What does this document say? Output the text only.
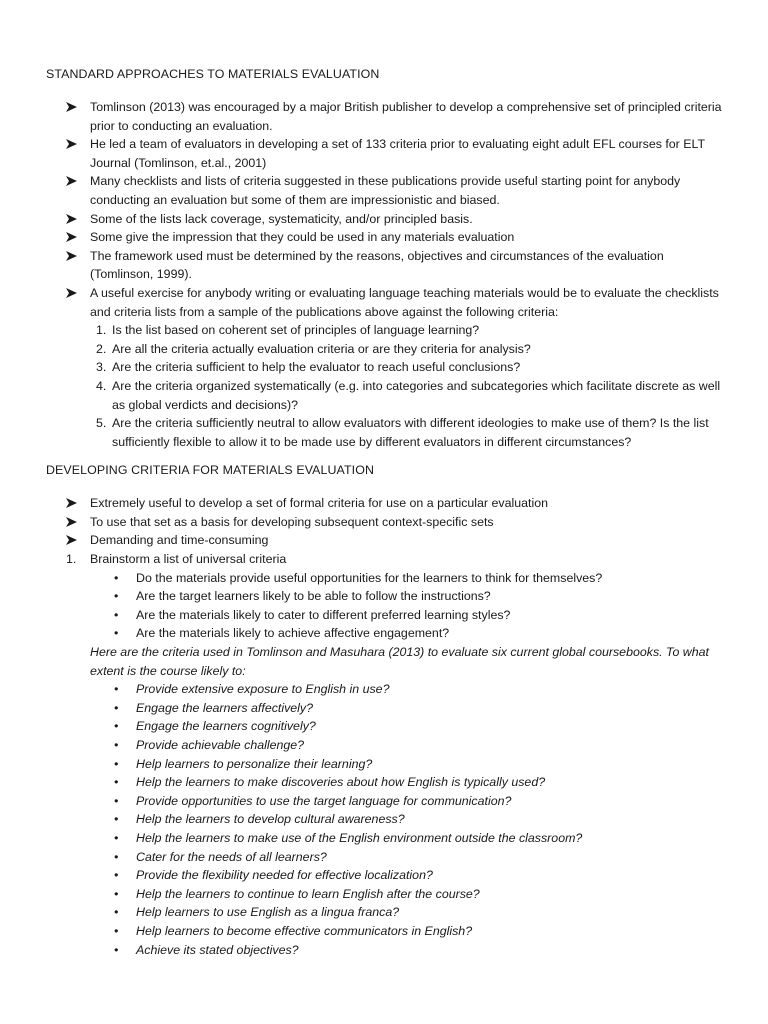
STANDARD APPROACHES TO MATERIALS EVALUATION

Tomlinson (2013) was encouraged by a major British publisher to develop a comprehensive set of principled criteria prior to conducting an evaluation.
He led a team of evaluators in developing a set of 133 criteria prior to evaluating eight adult EFL courses for ELT Journal (Tomlinson, et.al., 2001)
Many checklists and lists of criteria suggested in these publications provide useful starting point for anybody conducting an evaluation but some of them are impressionistic and biased.
Some of the lists lack coverage, systematicity, and/or principled basis.
Some give the impression that they could be used in any materials evaluation
The framework used must be determined by the reasons, objectives and circumstances of the evaluation (Tomlinson, 1999).
A useful exercise for anybody writing or evaluating language teaching materials would be to evaluate the checklists and criteria lists from a sample of the publications above against the following criteria:
1. Is the list based on coherent set of principles of language learning?
2. Are all the criteria actually evaluation criteria or are they criteria for analysis?
3. Are the criteria sufficient to help the evaluator to reach useful conclusions?
4. Are the criteria organized systematically (e.g. into categories and subcategories which facilitate discrete as well as global verdicts and decisions)?
5. Are the criteria sufficiently neutral to allow evaluators with different ideologies to make use of them? Is the list sufficiently flexible to allow it to be made use by different evaluators in different circumstances?

DEVELOPING CRITERIA FOR MATERIALS EVALUATION

Extremely useful to develop a set of formal criteria for use on a particular evaluation
To use that set as a basis for developing subsequent context-specific sets
Demanding and time-consuming
1. Brainstorm a list of universal criteria
• Do the materials provide useful opportunities for the learners to think for themselves?
• Are the target learners likely to be able to follow the instructions?
• Are the materials likely to cater to different preferred learning styles?
• Are the materials likely to achieve affective engagement?

Here are the criteria used in Tomlinson and Masuhara (2013) to evaluate six current global coursebooks. To what extent is the course likely to:

• Provide extensive exposure to English in use?
• Engage the learners affectively?
• Engage the learners cognitively?
• Provide achievable challenge?
• Help learners to personalize their learning?
• Help the learners to make discoveries about how English is typically used?
• Provide opportunities to use the target language for communication?
• Help the learners to develop cultural awareness?
• Help the learners to make use of the English environment outside the classroom?
• Cater for the needs of all learners?
• Provide the flexibility needed for effective localization?
• Help the learners to continue to learn English after the course?
• Help learners to use English as a lingua franca?
• Help learners to become effective communicators in English?
• Achieve its stated objectives?
